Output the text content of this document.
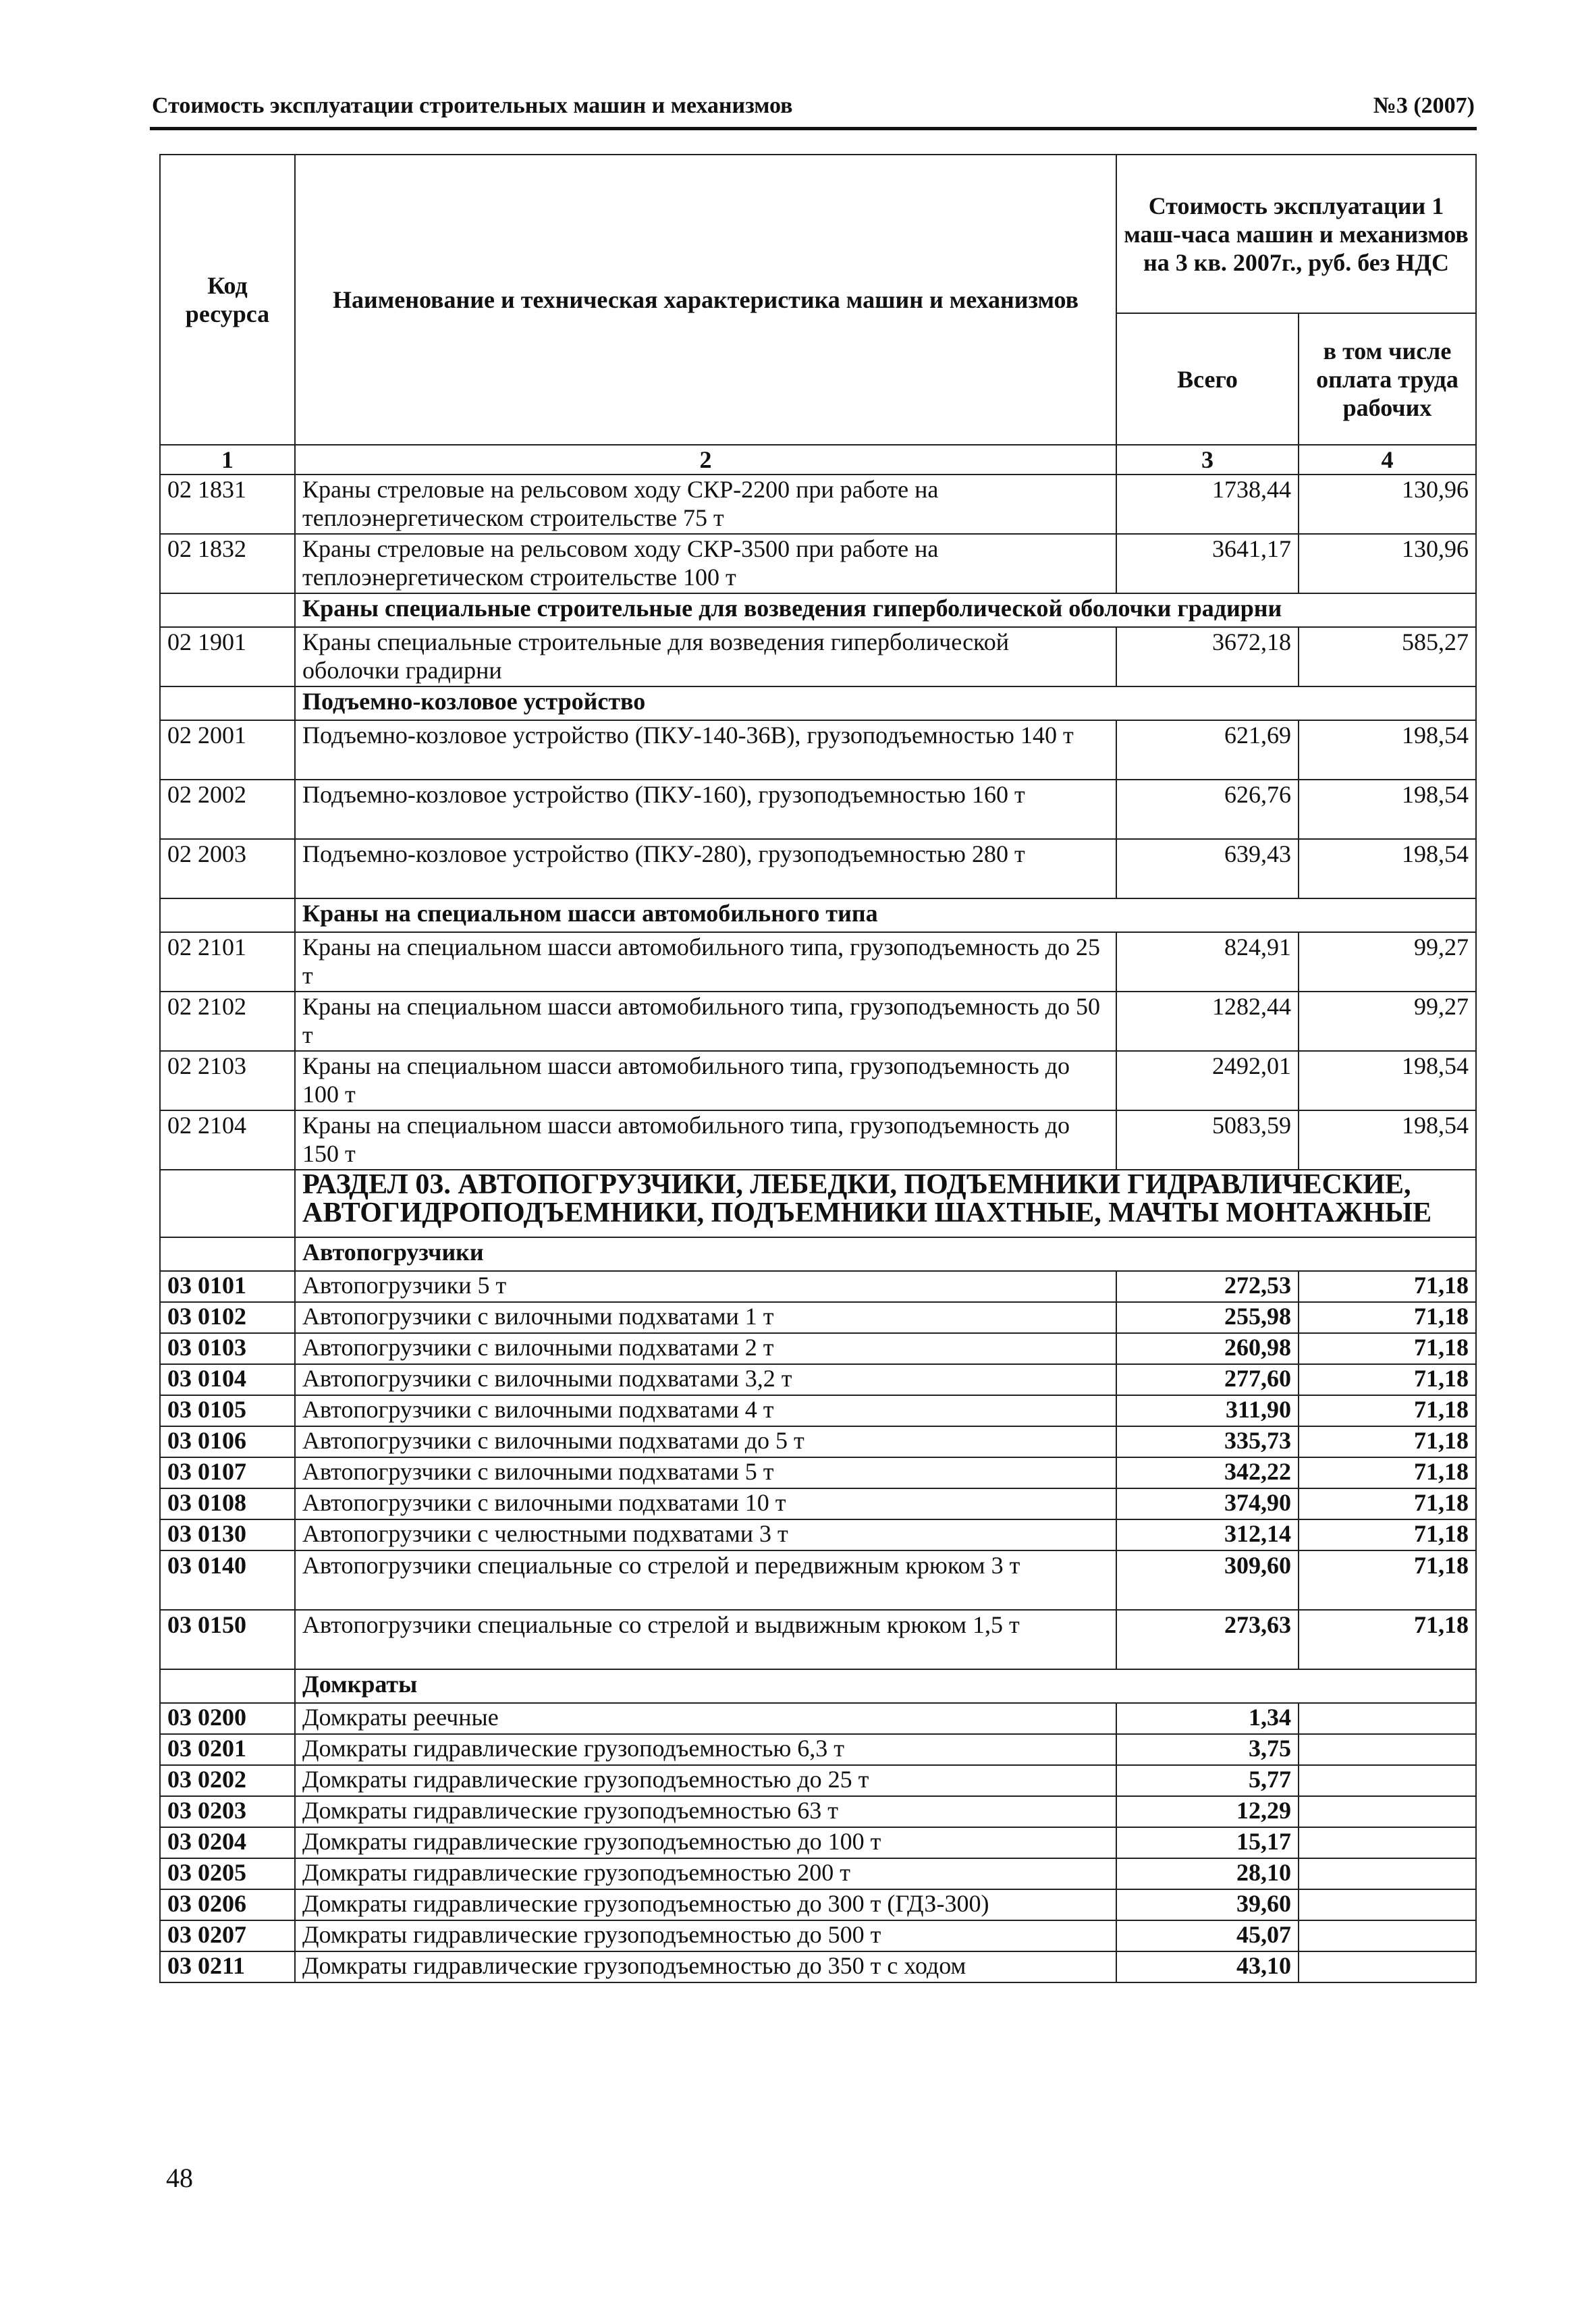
Стоимость эксплуатации строительных машин и механизмов	№3 (2007)
Код ресурса	Наименование и техническая характеристика машин и механизмов	Стоимость эксплуатации 1 маш-часа машин и механизмов на 3 кв. 2007г., руб. без НДС	
		Всего	в том числе оплата труда рабочих
1	2	3	4
02 1831	Краны стреловые на рельсовом ходу СКР-2200 при работе на теплоэнергетическом строительстве 75 т	1738,44	130,96
02 1832	Краны стреловые на рельсовом ходу СКР-3500 при работе на теплоэнергетическом строительстве 100 т	3641,17	130,96
	Краны специальные строительные для возведения гиперболической оболочки градирни		
02 1901	Краны специальные строительные для возведения гиперболической оболочки градирни	3672,18	585,27
	Подъемно-козловое устройство		
02 2001	Подъемно-козловое устройство (ПКУ-140-36В), грузоподъемностью 140 т	621,69	198,54
02 2002	Подъемно-козловое устройство (ПКУ-160), грузоподъемностью 160 т	626,76	198,54
02 2003	Подъемно-козловое устройство (ПКУ-280), грузоподъемностью 280 т	639,43	198,54
	Краны на специальном шасси автомобильного типа		
02 2101	Краны на специальном шасси автомобильного типа, грузоподъемность до 25 т	824,91	99,27
02 2102	Краны на специальном шасси автомобильного типа, грузоподъемность до 50 т	1282,44	99,27
02 2103	Краны на специальном шасси автомобильного типа, грузоподъемность до 100 т	2492,01	198,54
02 2104	Краны на специальном шасси автомобильного типа, грузоподъемность до 150 т	5083,59	198,54
	РАЗДЕЛ 03. АВТОПОГРУЗЧИКИ, ЛЕБЕДКИ, ПОДЪЕМНИКИ ГИДРАВЛИЧЕСКИЕ, АВТОГИДРОПОДЪЕМНИКИ, ПОДЪЕМНИКИ ШАХТНЫЕ, МАЧТЫ МОНТАЖНЫЕ		
	Автопогрузчики		
03 0101	Автопогрузчики 5 т	272,53	71,18
03 0102	Автопогрузчики с вилочными подхватами 1 т	255,98	71,18
03 0103	Автопогрузчики с вилочными подхватами 2 т	260,98	71,18
03 0104	Автопогрузчики с вилочными подхватами 3,2 т	277,60	71,18
03 0105	Автопогрузчики с вилочными подхватами 4 т	311,90	71,18
03 0106	Автопогрузчики с вилочными подхватами до 5 т	335,73	71,18
03 0107	Автопогрузчики с вилочными подхватами 5 т	342,22	71,18
03 0108	Автопогрузчики с вилочными подхватами 10 т	374,90	71,18
03 0130	Автопогрузчики с челюстными подхватами 3 т	312,14	71,18
03 0140	Автопогрузчики специальные со стрелой и передвижным крюком 3 т	309,60	71,18
03 0150	Автопогрузчики специальные со стрелой и выдвижным крюком 1,5 т	273,63	71,18
	Домкраты		
03 0200	Домкраты реечные	1,34	
03 0201	Домкраты гидравлические грузоподъемностью 6,3 т	3,75	
03 0202	Домкраты гидравлические грузоподъемностью до 25 т	5,77	
03 0203	Домкраты гидравлические грузоподъемностью 63 т	12,29	
03 0204	Домкраты гидравлические грузоподъемностью до 100 т	15,17	
03 0205	Домкраты гидравлические грузоподъемностью 200 т	28,10	
03 0206	Домкраты гидравлические грузоподъемностью до 300 т (ГДЗ-300)	39,60	
03 0207	Домкраты гидравлические грузоподъемностью до 500 т	45,07	
03 0211	Домкраты гидравлические грузоподъемностью до 350 т с ходом	43,10	
48
